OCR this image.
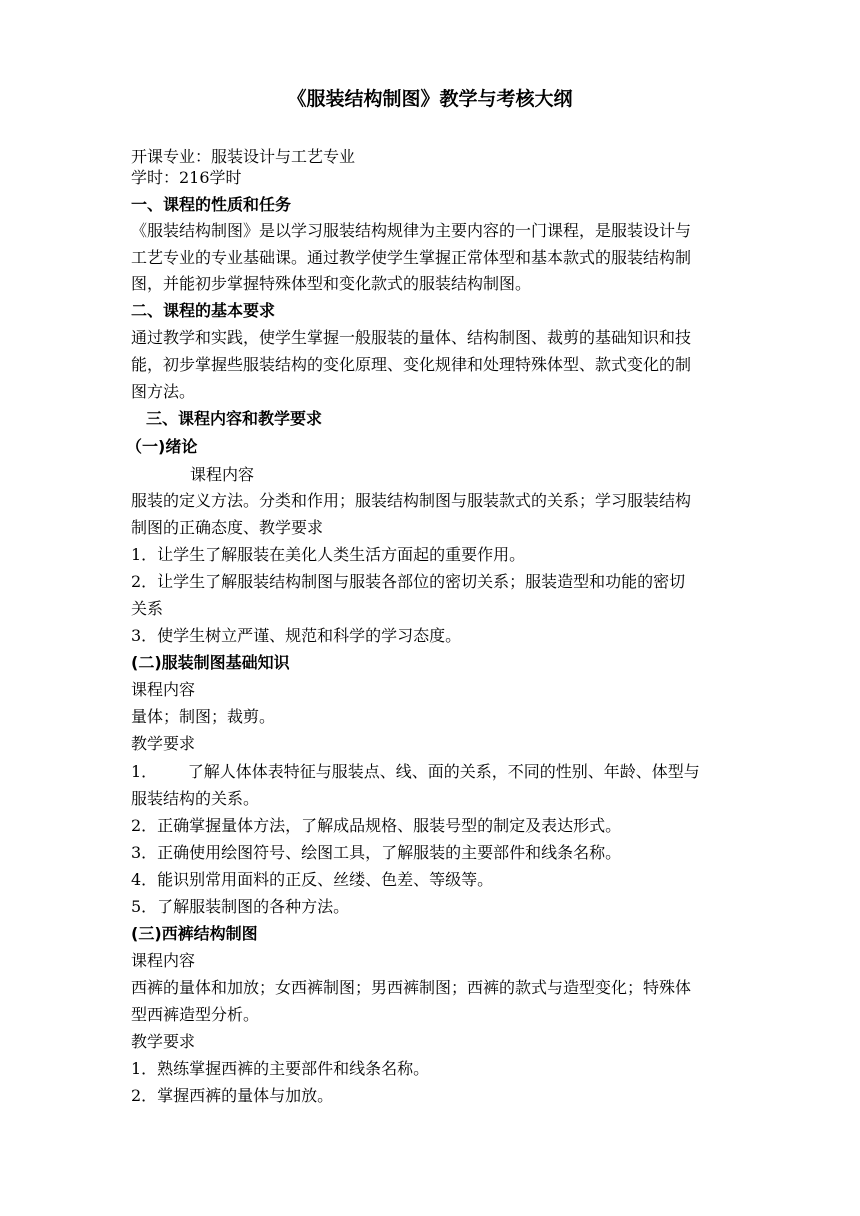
《服装结构制图》教学与考核大纲
开课专业：服装设计与工艺专业
学时：216学时
一、课程的性质和任务
《服装结构制图》是以学习服装结构规律为主要内容的一门课程，是服装设计与
工艺专业的专业基础课。通过教学使学生掌握正常体型和基本款式的服装结构制
图，并能初步掌握特殊体型和变化款式的服装结构制图。
二、课程的基本要求
通过教学和实践，使学生掌握一般服装的量体、结构制图、裁剪的基础知识和技
能，初步掌握些服装结构的变化原理、变化规律和处理特殊体型、款式变化的制
图方法。
三、课程内容和教学要求
（一)绪论
课程内容
服装的定义方法。分类和作用；服装结构制图与服装款式的关系；学习服装结构
制图的正确态度、教学要求
1．让学生了解服装在美化人类生活方面起的重要作用。
2．让学生了解服装结构制图与服装各部位的密切关系；服装造型和功能的密切
关系
3．使学生树立严谨、规范和科学的学习态度。
(二)服装制图基础知识
课程内容
量体；制图；裁剪。
教学要求
1．      了解人体体表特征与服装点、线、面的关系，不同的性别、年龄、体型与
服装结构的关系。
2．正确掌握量体方法，了解成品规格、服装号型的制定及表达形式。
3．正确使用绘图符号、绘图工具，了解服装的主要部件和线条名称。
4．能识别常用面料的正反、丝缕、色差、等级等。
5．了解服装制图的各种方法。
(三)西裤结构制图
课程内容
西裤的量体和加放；女西裤制图；男西裤制图；西裤的款式与造型变化；特殊体
型西裤造型分析。
教学要求
1．熟练掌握西裤的主要部件和线条名称。
2．掌握西裤的量体与加放。
